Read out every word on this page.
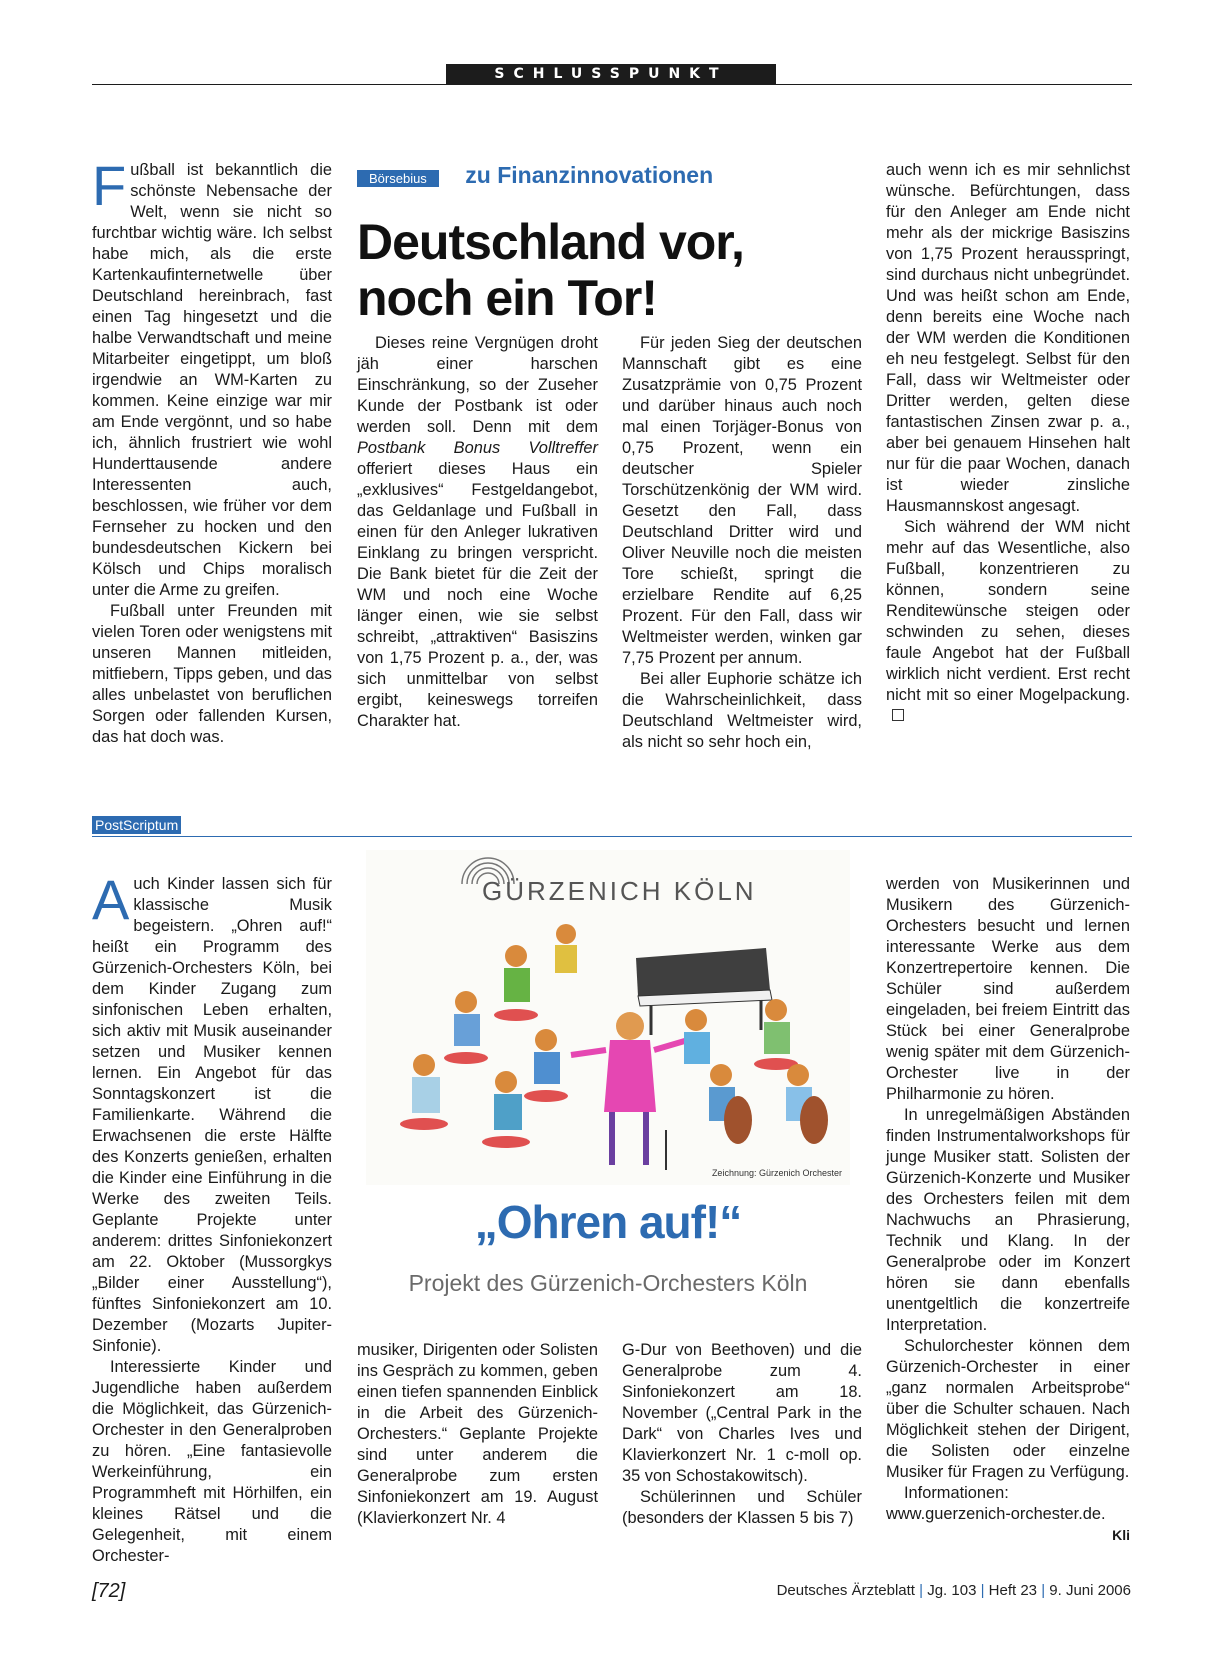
SCHLUSSPUNKT

Fußball ist bekanntlich die schönste Nebensache der Welt, wenn sie nicht so furchtbar wichtig wäre. Ich selbst habe mich, als die erste Kartenkaufinternetwelle über Deutschland hereinbrach, fast einen Tag hingesetzt und die halbe Verwandtschaft und meine Mitarbeiter eingetippt, um bloß irgendwie an WM-Karten zu kommen. Keine einzige war mir am Ende vergönnt, und so habe ich, ähnlich frustriert wie wohl Hunderttausende andere Interessenten auch, beschlossen, wie früher vor dem Fernseher zu hocken und den bundesdeutschen Kickern bei Kölsch und Chips moralisch unter die Arme zu greifen.

Fußball unter Freunden mit vielen Toren oder wenigstens mit unseren Mannen mitleiden, mitfiebern, Tipps geben, und das alles unbelastet von beruflichen Sorgen oder fallenden Kursen, das hat doch was.

Börsebius zu Finanzinnovationen
Deutschland vor,
noch ein Tor!

Dieses reine Vergnügen droht jäh einer harschen Einschränkung, so der Zuseher Kunde der Postbank ist oder werden soll. Denn mit dem Postbank Bonus Volltreffer offeriert dieses Haus ein „exklusives“ Festgeldangebot, das Geldanlage und Fußball in einen für den Anleger lukrativen Einklang zu bringen verspricht. Die Bank bietet für die Zeit der WM und noch eine Woche länger einen, wie sie selbst schreibt, „attraktiven“ Basiszins von 1,75 Prozent p. a., der, was sich unmittelbar von selbst ergibt, keineswegs torreifen Charakter hat.

Für jeden Sieg der deutschen Mannschaft gibt es eine Zusatzprämie von 0,75 Prozent und darüber hinaus auch noch mal einen Torjäger-Bonus von 0,75 Prozent, wenn ein deutscher Spieler Torschützenkönig der WM wird. Gesetzt den Fall, dass Deutschland Dritter wird und Oliver Neuville noch die meisten Tore schießt, springt die erzielbare Rendite auf 6,25 Prozent. Für den Fall, dass wir Weltmeister werden, winken gar 7,75 Prozent per annum.

Bei aller Euphorie schätze ich die Wahrscheinlichkeit, dass Deutschland Weltmeister wird, als nicht so sehr hoch ein,

auch wenn ich es mir sehnlichst wünsche. Befürchtungen, dass für den Anleger am Ende nicht mehr als der mickrige Basiszins von 1,75 Prozent herausspringt, sind durchaus nicht unbegründet. Und was heißt schon am Ende, denn bereits eine Woche nach der WM werden die Konditionen eh neu festgelegt. Selbst für den Fall, dass wir Weltmeister oder Dritter werden, gelten diese fantastischen Zinsen zwar p. a., aber bei genauem Hinsehen halt nur für die paar Wochen, danach ist wieder zinsliche Hausmannskost angesagt.

Sich während der WM nicht mehr auf das Wesentliche, also Fußball, konzentrieren zu können, sondern seine Renditewünsche steigen oder schwinden zu sehen, dieses faule Angebot hat der Fußball wirklich nicht verdient. Erst recht nicht mit so einer Mogelpackung.

PostScriptum

Auch Kinder lassen sich für klassische Musik begeistern. „Ohren auf!“ heißt ein Programm des Gürzenich-Orchesters Köln, bei dem Kinder Zugang zum sinfonischen Leben erhalten, sich aktiv mit Musik auseinander setzen und Musiker kennen lernen. Ein Angebot für das Sonntagskonzert ist die Familienkarte. Während die Erwachsenen die erste Hälfte des Konzerts genießen, erhalten die Kinder eine Einführung in die Werke des zweiten Teils. Geplante Projekte unter anderem: drittes Sinfoniekonzert am 22. Oktober (Mussorgkys „Bilder einer Ausstellung“), fünftes Sinfoniekonzert am 10. Dezember (Mozarts Jupiter-Sinfonie).

Interessierte Kinder und Jugendliche haben außerdem die Möglichkeit, das Gürzenich-Orchester in den Generalproben zu hören. „Eine fantasievolle Werkeinführung, ein Programmheft mit Hörhilfen, ein kleines Rätsel und die Gelegenheit, mit einem Orchester-

GÜRZENICH KÖLN
Zeichnung: Gürzenich Orchester
„Ohren auf!“
Projekt des Gürzenich-Orchesters Köln

musiker, Dirigenten oder Solisten ins Gespräch zu kommen, geben einen tiefen spannenden Einblick in die Arbeit des Gürzenich-Orchesters.“ Geplante Projekte sind unter anderem die Generalprobe zum ersten Sinfoniekonzert am 19. August (Klavierkonzert Nr. 4

G-Dur von Beethoven) und die Generalprobe zum 4. Sinfoniekonzert am 18. November („Central Park in the Dark“ von Charles Ives und Klavierkonzert Nr. 1 c-moll op. 35 von Schostakowitsch).

Schülerinnen und Schüler (besonders der Klassen 5 bis 7)

werden von Musikerinnen und Musikern des Gürzenich-Orchesters besucht und lernen interessante Werke aus dem Konzertrepertoire kennen. Die Schüler sind außerdem eingeladen, bei freiem Eintritt das Stück bei einer Generalprobe wenig später mit dem Gürzenich-Orchester live in der Philharmonie zu hören.

In unregelmäßigen Abständen finden Instrumentalworkshops für junge Musiker statt. Solisten der Gürzenich-Konzerte und Musiker des Orchesters feilen mit dem Nachwuchs an Phrasierung, Technik und Klang. In der Generalprobe oder im Konzert hören sie dann ebenfalls unentgeltlich die konzertreife Interpretation.

Schulorchester können dem Gürzenich-Orchester in einer „ganz normalen Arbeitsprobe“ über die Schulter schauen. Nach Möglichkeit stehen der Dirigent, die Solisten oder einzelne Musiker für Fragen zu Verfügung.

Informationen: www.guerzenich-orchester.de.
Kli

[72]	Deutsches Ärzteblatt | Jg. 103 | Heft 23 | 9. Juni 2006
